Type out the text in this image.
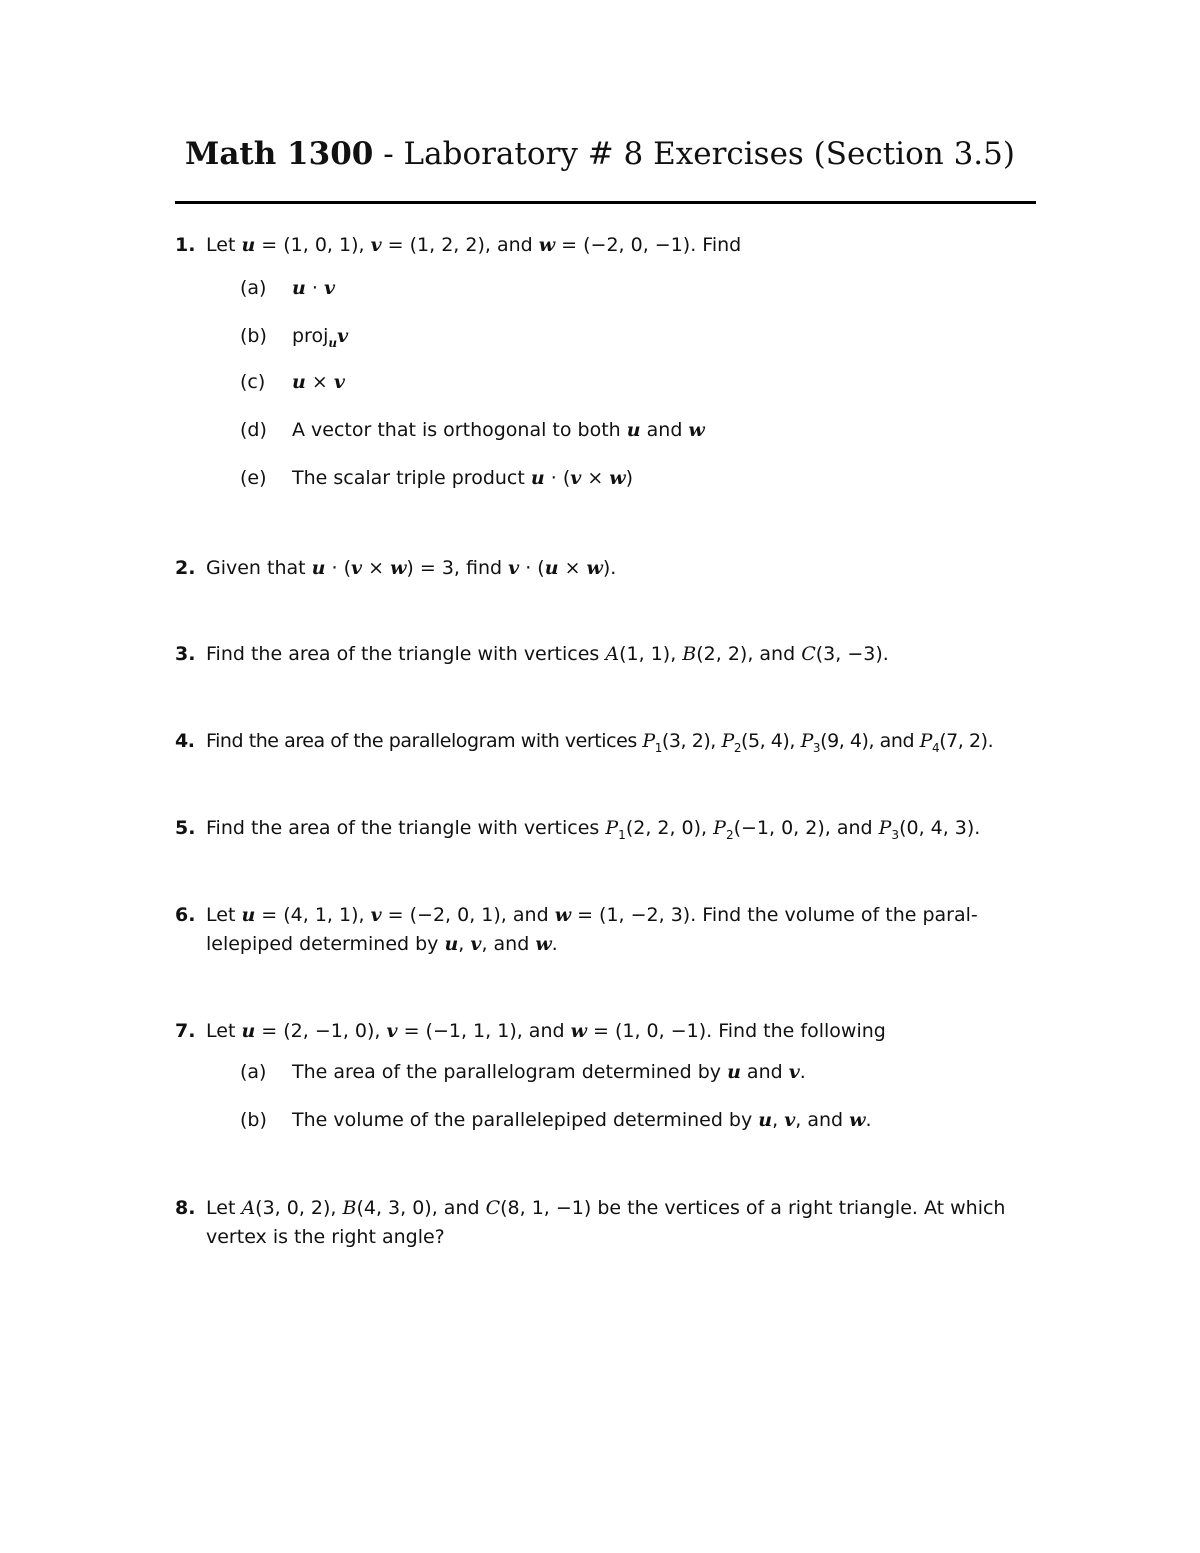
Math 1300 - Laboratory # 8 Exercises (Section 3.5)
1. Let u = (1, 0, 1), v = (1, 2, 2), and w = (−2, 0, −1). Find
(a) u · v
(b) proj$_u$v
(c) u × v
(d) A vector that is orthogonal to both u and w
(e) The scalar triple product u · (v × w)
2. Given that u · (v × w) = 3, find v · (u × w).
3. Find the area of the triangle with vertices A(1, 1), B(2, 2), and C(3, −3).
4. Find the area of the parallelogram with vertices $P_1(3$, 2), $P_2(5$, 4), $P_3(9$, 4), and $P_4(7$, 2).
5. Find the area of the triangle with vertices $P_1(2$, 2, 0), $P_2(-1$, 0, 2), and $P_3(0$, 4, 3).
6. Let u = (4, 1, 1), v = (−2, 0, 1), and w = (1, −2, 3). Find the volume of the paral-
lelepiped determined by u, v, and w.
7. Let u = (2, −1, 0), v = (−1, 1, 1), and w = (1, 0, −1). Find the following
(a) The area of the parallelogram determined by u and v.
(b) The volume of the parallelepiped determined by u, v, and w.
8. Let A(3, 0, 2), B(4, 3, 0), and C(8, 1, −1) be the vertices of a right triangle. At which
vertex is the right angle?
